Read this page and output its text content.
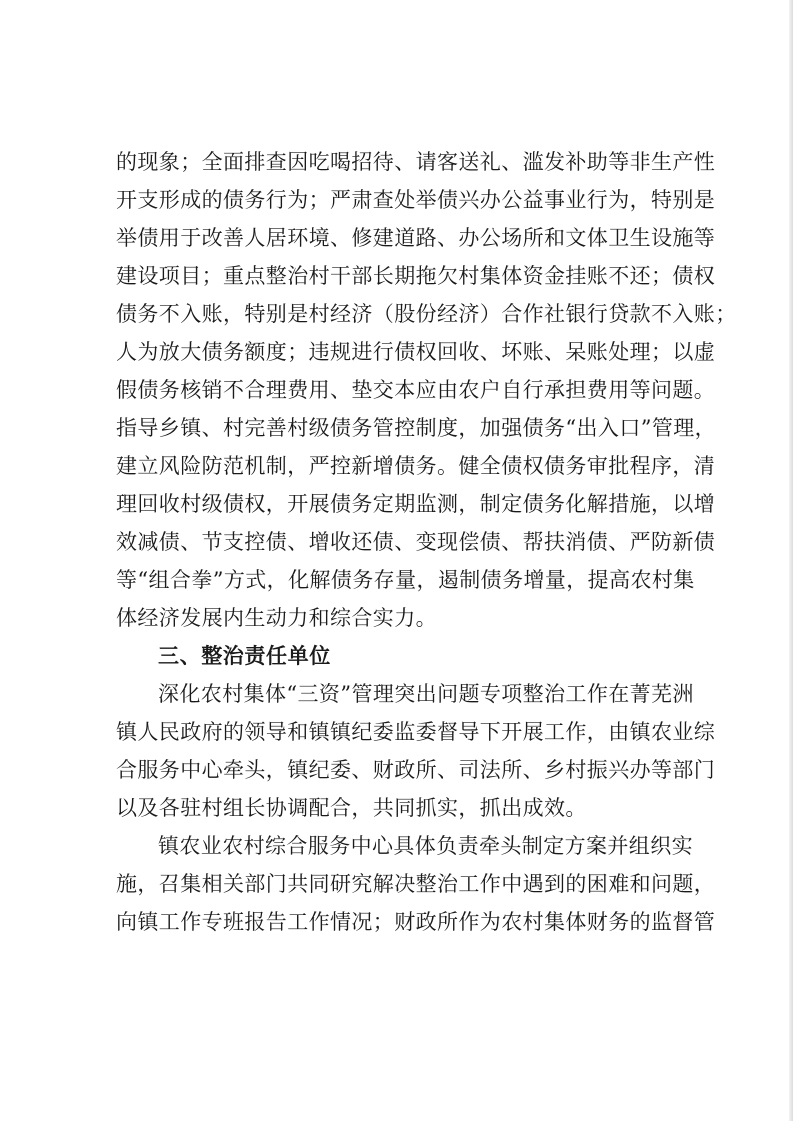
的现象；全面排查因吃喝招待、请客送礼、滥发补助等非生产性
开支形成的债务行为；严肃查处举债兴办公益事业行为，特别是
举债用于改善人居环境、修建道路、办公场所和文体卫生设施等
建设项目；重点整治村干部长期拖欠村集体资金挂账不还；债权
债务不入账，特别是村经济（股份经济）合作社银行贷款不入账；
人为放大债务额度；违规进行债权回收、坏账、呆账处理；以虚
假债务核销不合理费用、垫交本应由农户自行承担费用等问题。
指导乡镇、村完善村级债务管控制度，加强债务“出入口”管理，
建立风险防范机制，严控新增债务。健全债权债务审批程序，清
理回收村级债权，开展债务定期监测，制定债务化解措施，以增
效减债、节支控债、增收还债、变现偿债、帮扶消债、严防新债
等“组合拳”方式，化解债务存量，遏制债务增量，提高农村集
体经济发展内生动力和综合实力。
三、整治责任单位
深化农村集体“三资”管理突出问题专项整治工作在菁芜洲
镇人民政府的领导和镇镇纪委监委督导下开展工作，由镇农业综
合服务中心牵头，镇纪委、财政所、司法所、乡村振兴办等部门
以及各驻村组长协调配合，共同抓实，抓出成效。
镇农业农村综合服务中心具体负责牵头制定方案并组织实
施，召集相关部门共同研究解决整治工作中遇到的困难和问题，
向镇工作专班报告工作情况；财政所作为农村集体财务的监督管
